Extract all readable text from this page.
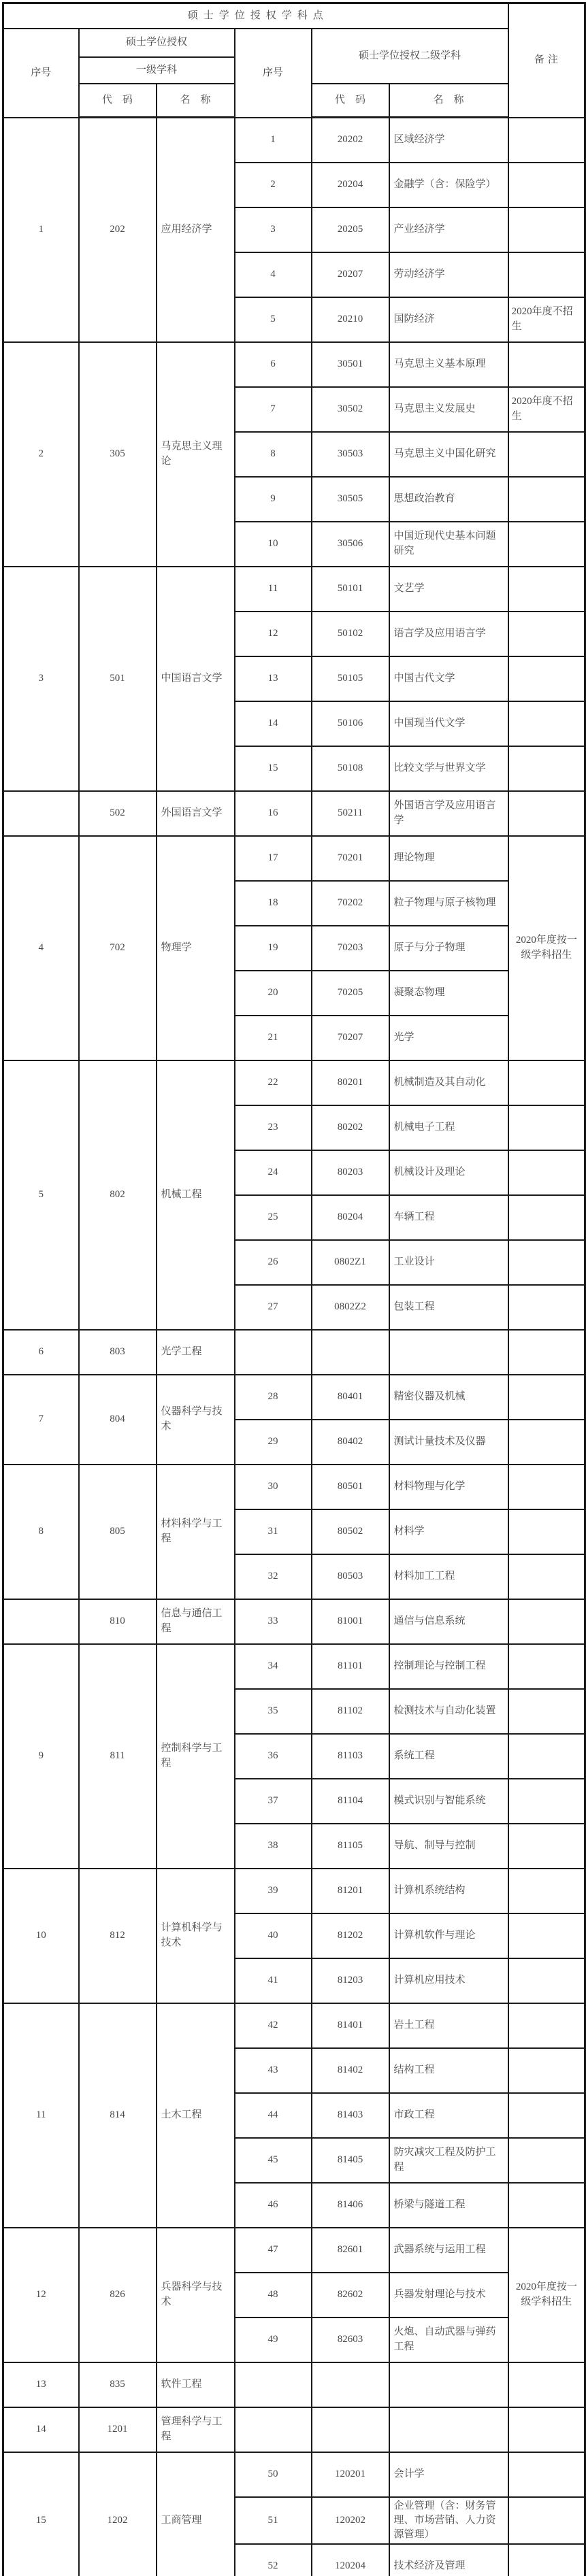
硕士学位授权学科点						备注
序号	硕士学位授权		序号	硕士学位授权二级学科		
	一级学科					
	代　码	名　称		代　码	名　称	
1	202	应用经济学	1	20202	区域经济学	
			2	20204	金融学（含：保险学）	
			3	20205	产业经济学	
			4	20207	劳动经济学	
			5	20210	国防经济	2020年度不招生
2	305	马克思主义理论	6	30501	马克思主义基本原理	
			7	30502	马克思主义发展史	2020年度不招生
			8	30503	马克思主义中国化研究	
			9	30505	思想政治教育	
			10	30506	中国近现代史基本问题研究	
3	501	中国语言文学	11	50101	文艺学	
			12	50102	语言学及应用语言学	
			13	50105	中国古代文学	
			14	50106	中国现当代文学	
			15	50108	比较文学与世界文学	
	502	外国语言文学	16	50211	外国语言学及应用语言学	
4	702	物理学	17	70201	理论物理	2020年度按一级学科招生
			18	70202	粒子物理与原子核物理	
			19	70203	原子与分子物理	
			20	70205	凝聚态物理	
			21	70207	光学	
5	802	机械工程	22	80201	机械制造及其自动化	
			23	80202	机械电子工程	
			24	80203	机械设计及理论	
			25	80204	车辆工程	
			26	0802Z1	工业设计	
			27	0802Z2	包装工程	
6	803	光学工程				
7	804	仪器科学与技术	28	80401	精密仪器及机械	
			29	80402	测试计量技术及仪器	
8	805	材料科学与工程	30	80501	材料物理与化学	
			31	80502	材料学	
			32	80503	材料加工工程	
	810	信息与通信工程	33	81001	通信与信息系统	
9	811	控制科学与工程	34	81101	控制理论与控制工程	
			35	81102	检测技术与自动化装置	
			36	81103	系统工程	
			37	81104	模式识别与智能系统	
			38	81105	导航、制导与控制	
10	812	计算机科学与技术	39	81201	计算机系统结构	
			40	81202	计算机软件与理论	
			41	81203	计算机应用技术	
11	814	土木工程	42	81401	岩土工程	
			43	81402	结构工程	
			44	81403	市政工程	
			45	81405	防灾减灾工程及防护工程	
			46	81406	桥梁与隧道工程	
12	826	兵器科学与技术	47	82601	武器系统与运用工程	2020年度按一级学科招生
			48	82602	兵器发射理论与技术	
			49	82603	火炮、自动武器与弹药工程	
13	835	软件工程				
14	1201	管理科学与工程				
15	1202	工商管理	50	120201	会计学	
			51	120202	企业管理（含：财务管理、市场营销、人力资源管理）	
			52	120204	技术经济及管理	
